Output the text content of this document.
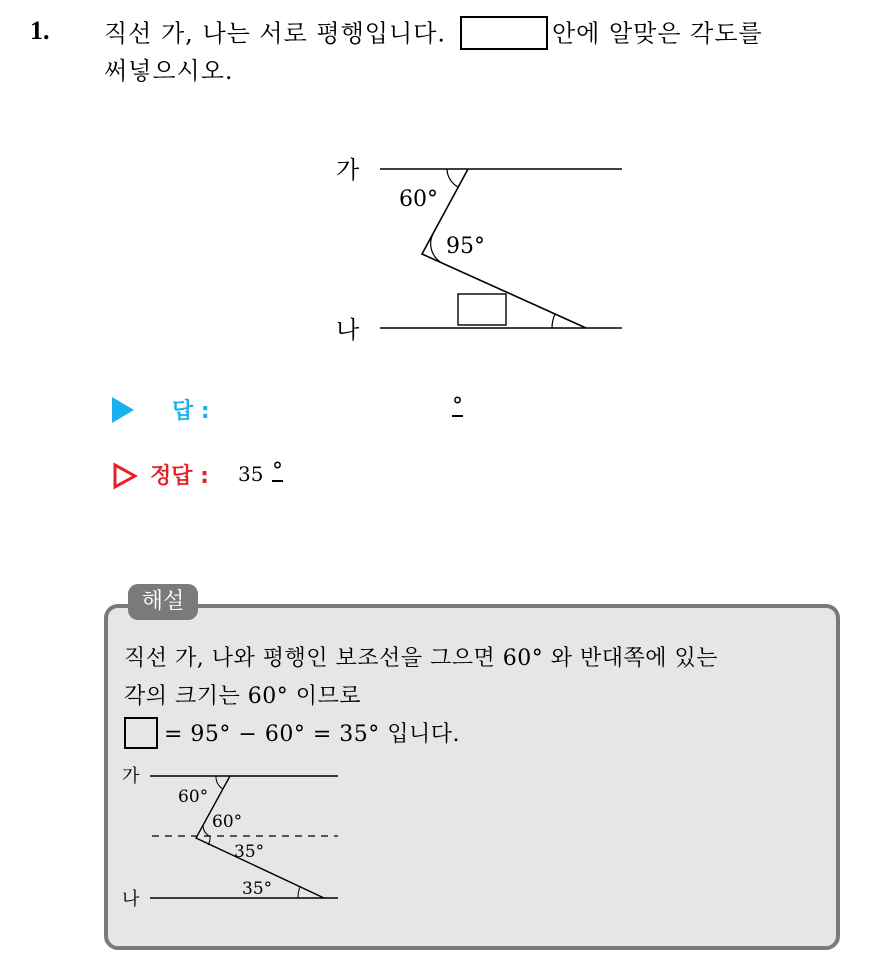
1. 직선 가, 나는 서로 평행입니다.	안에 알맞은 각도를
써넣으시오.
가
나
60°
95°
답 :	°
정답 : 35 °
해설
직선 가, 나와 평행인 보조선을 그으면 60° 와 반대쪽에 있는
각의 크기는 60° 이므로
= 95° − 60° = 35° 입니다.
가
나
60°
60°
35°
35°
